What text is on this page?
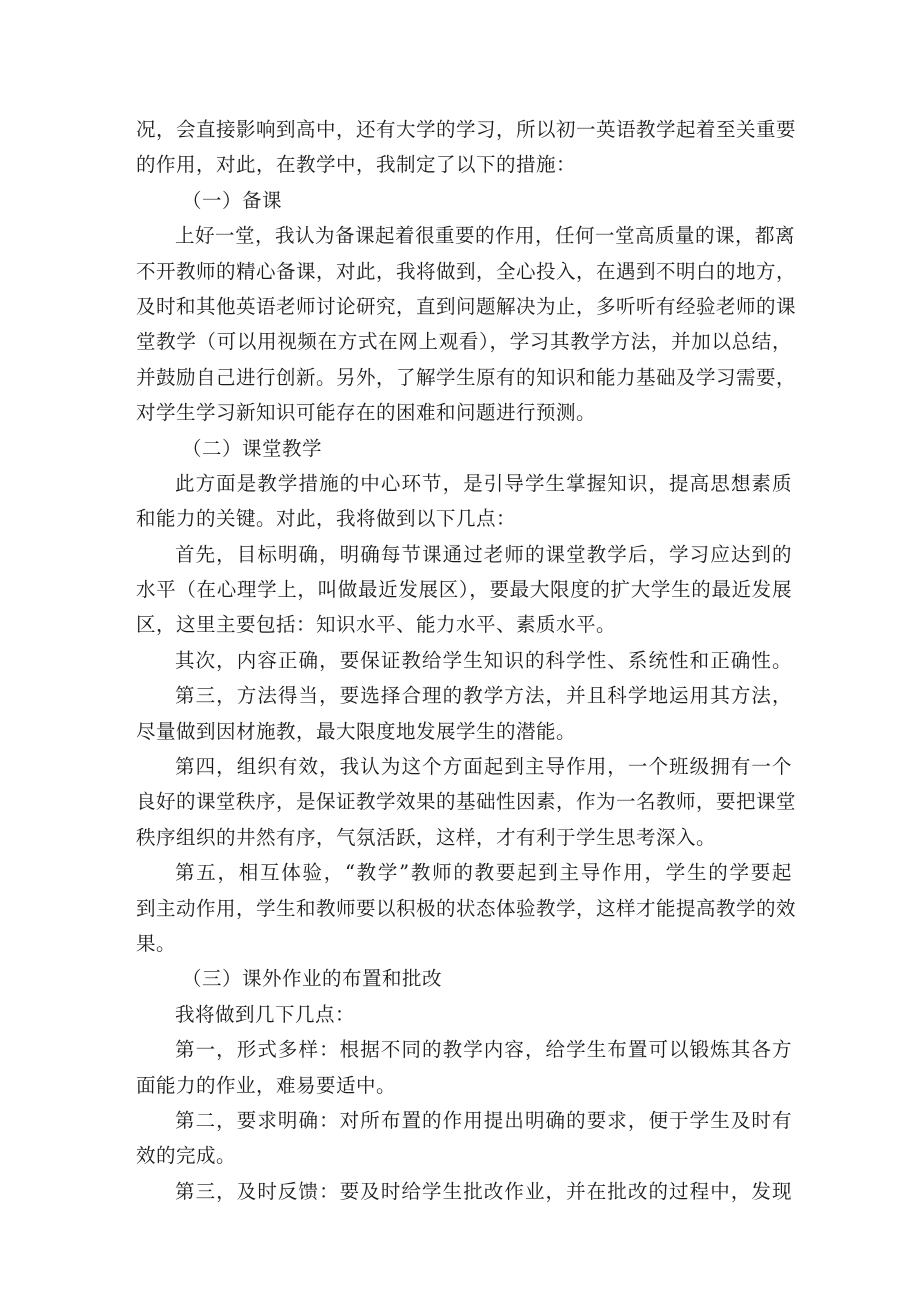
况，会直接影响到高中，还有大学的学习，所以初一英语教学起着至关重要
的作用，对此，在教学中，我制定了以下的措施：
（一）备课
上好一堂，我认为备课起着很重要的作用，任何一堂高质量的课，都离
不开教师的精心备课，对此，我将做到，全心投入，在遇到不明白的地方，
及时和其他英语老师讨论研究，直到问题解决为止，多听听有经验老师的课
堂教学（可以用视频在方式在网上观看），学习其教学方法，并加以总结，
并鼓励自己进行创新。另外，了解学生原有的知识和能力基础及学习需要，
对学生学习新知识可能存在的困难和问题进行预测。
（二）课堂教学
此方面是教学措施的中心环节，是引导学生掌握知识，提高思想素质
和能力的关键。对此，我将做到以下几点：
首先，目标明确，明确每节课通过老师的课堂教学后，学习应达到的
水平（在心理学上，叫做最近发展区），要最大限度的扩大学生的最近发展
区，这里主要包括：知识水平、能力水平、素质水平。
其次，内容正确，要保证教给学生知识的科学性、系统性和正确性。
第三，方法得当，要选择合理的教学方法，并且科学地运用其方法，
尽量做到因材施教，最大限度地发展学生的潜能。
第四，组织有效，我认为这个方面起到主导作用，一个班级拥有一个
良好的课堂秩序，是保证教学效果的基础性因素，作为一名教师，要把课堂
秩序组织的井然有序，气氛活跃，这样，才有利于学生思考深入。
第五，相互体验，“教学”教师的教要起到主导作用，学生的学要起
到主动作用，学生和教师要以积极的状态体验教学，这样才能提高教学的效
果。
（三）课外作业的布置和批改
我将做到几下几点：
第一，形式多样：根据不同的教学内容，给学生布置可以锻炼其各方
面能力的作业，难易要适中。
第二，要求明确：对所布置的作用提出明确的要求，便于学生及时有
效的完成。
第三，及时反馈：要及时给学生批改作业，并在批改的过程中，发现
